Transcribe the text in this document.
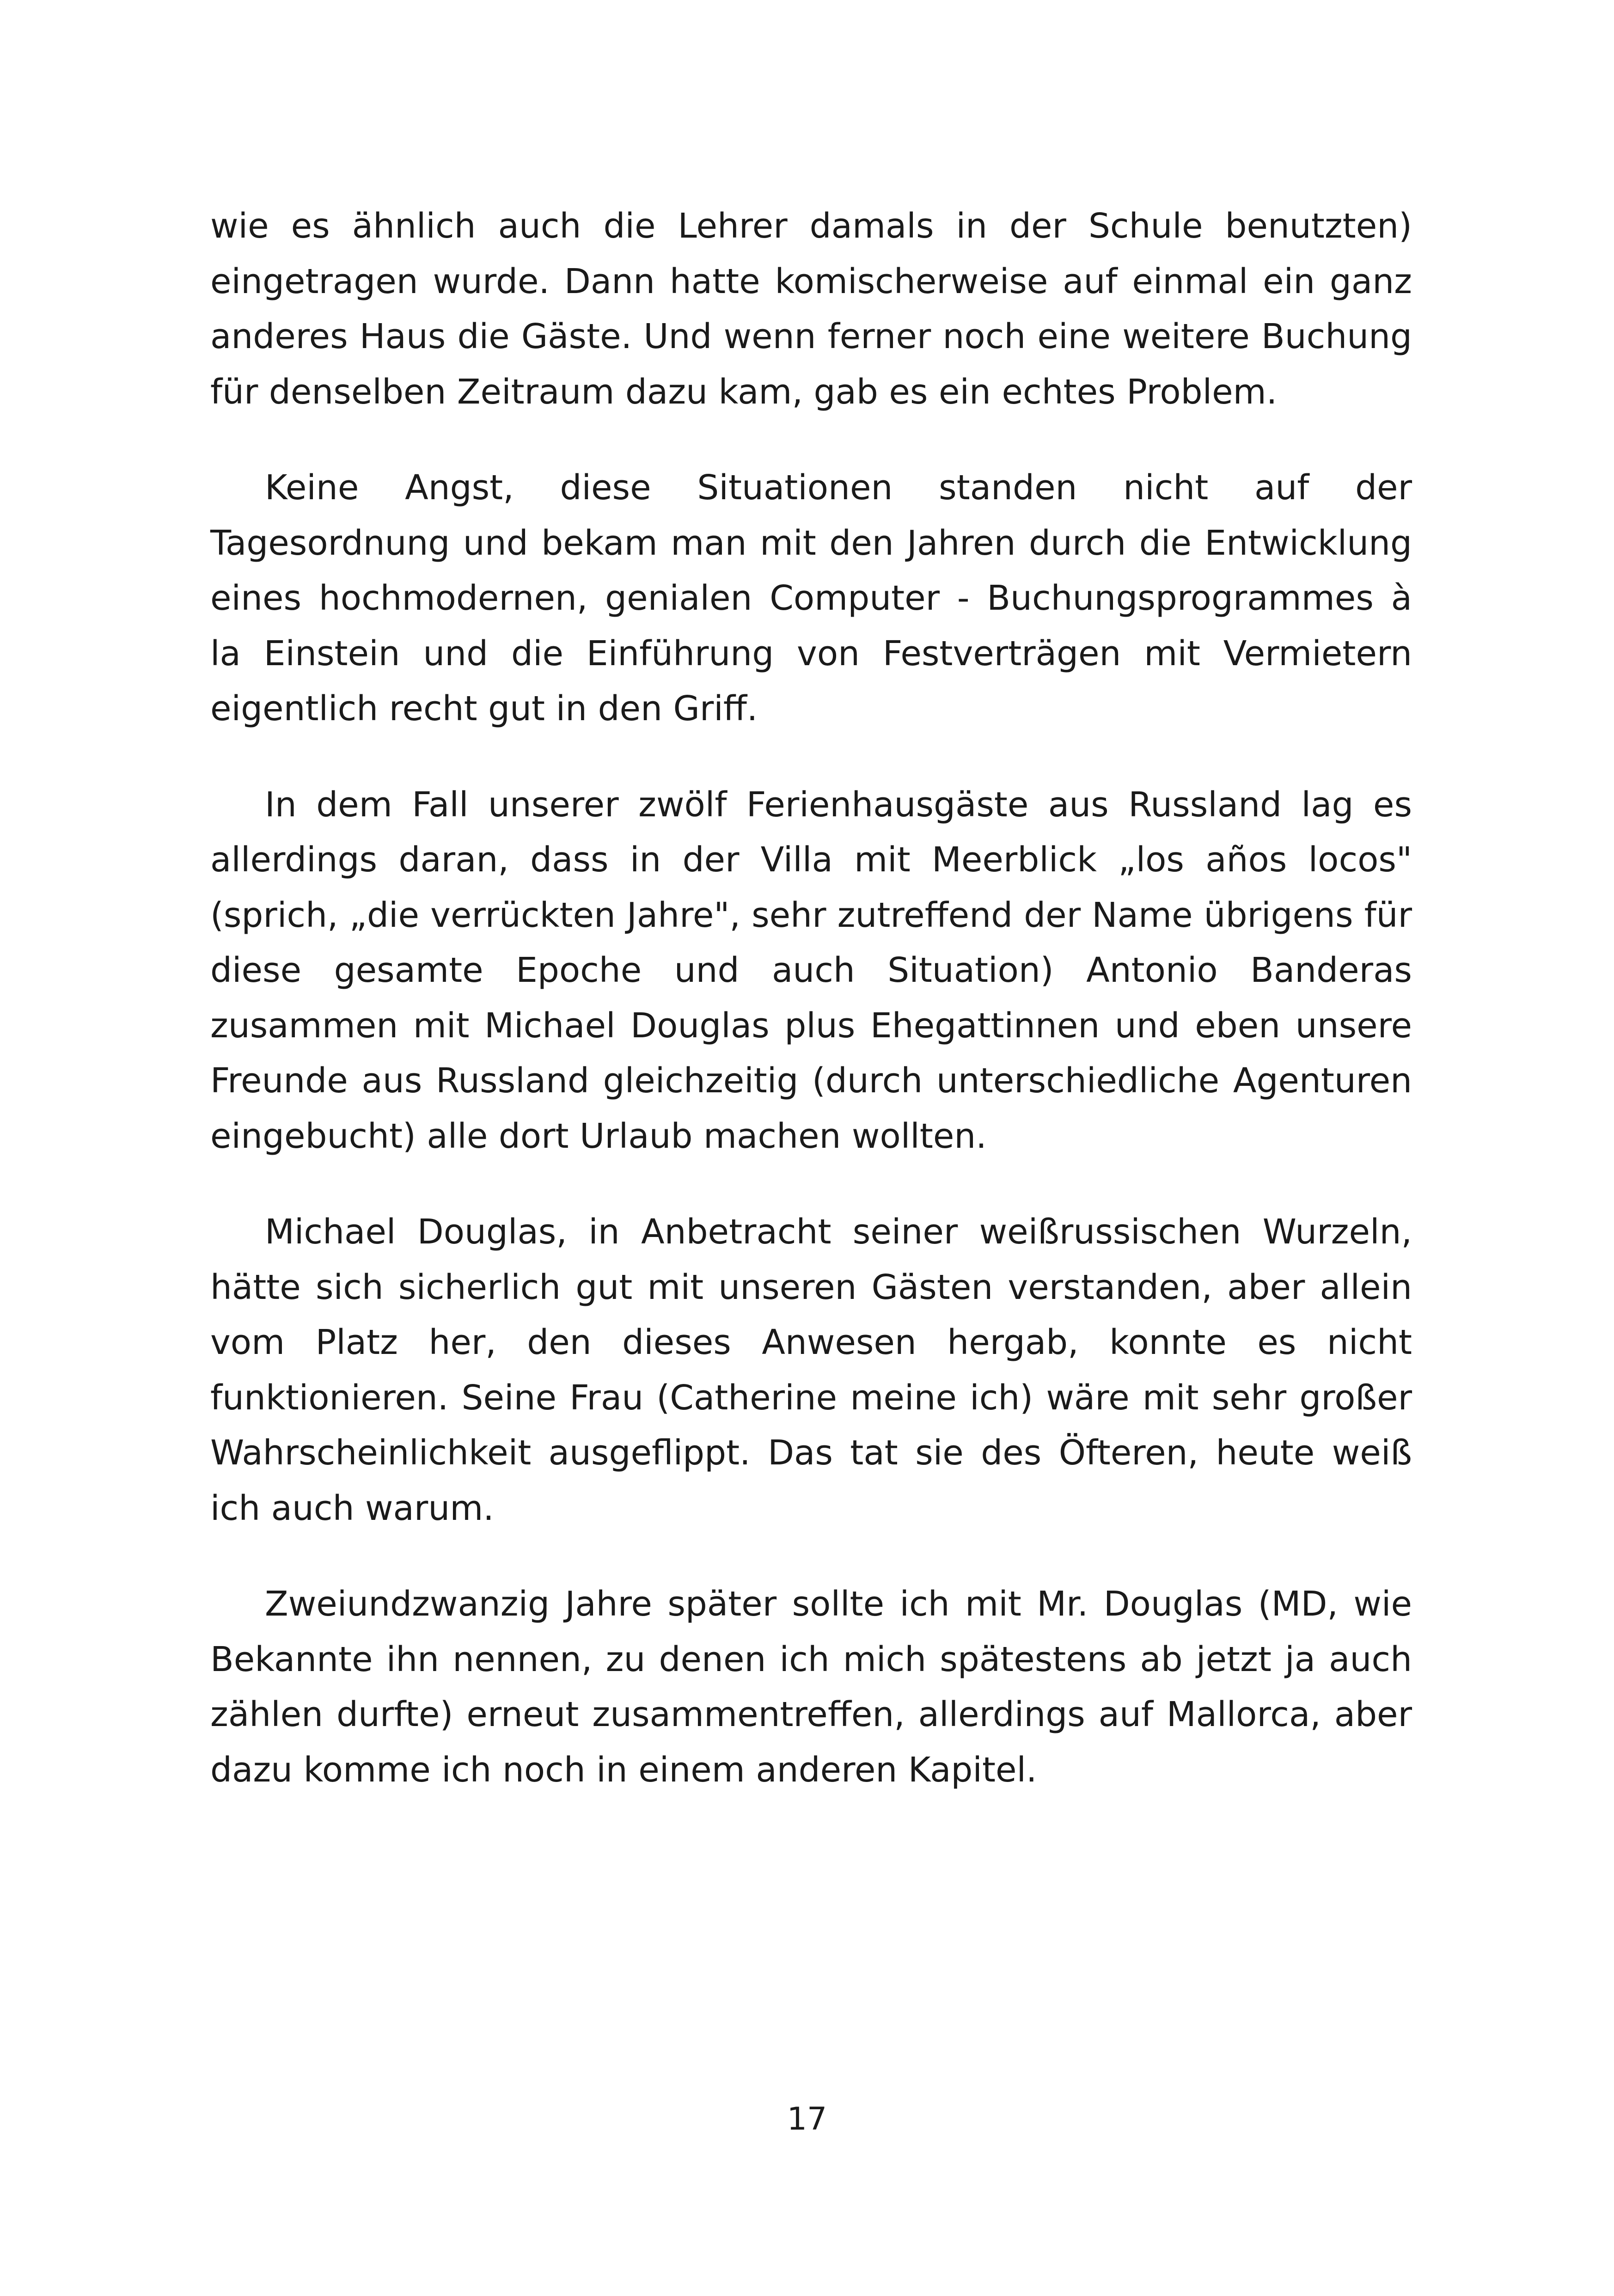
wie es ähnlich auch die Lehrer damals in der Schule benutzten) eingetragen wurde. Dann hatte komischerweise auf einmal ein ganz anderes Haus die Gäste. Und wenn ferner noch eine weitere Buchung für denselben Zeitraum dazu kam, gab es ein echtes Problem.

Keine Angst, diese Situationen standen nicht auf der Tagesordnung und bekam man mit den Jahren durch die Entwicklung eines hochmodernen, genialen Computer - Buchungsprogrammes à la Einstein und die Einführung von Festverträgen mit Vermietern eigentlich recht gut in den Griff.

In dem Fall unserer zwölf Ferienhausgäste aus Russland lag es allerdings daran, dass in der Villa mit Meerblick „los años locos" (sprich, „die verrückten Jahre", sehr zutreffend der Name übrigens für diese gesamte Epoche und auch Situation) Antonio Banderas zusammen mit Michael Douglas plus Ehegattinnen und eben unsere Freunde aus Russland gleichzeitig (durch unterschiedliche Agenturen eingebucht) alle dort Urlaub machen wollten.

Michael Douglas, in Anbetracht seiner weißrussischen Wurzeln, hätte sich sicherlich gut mit unseren Gästen verstanden, aber allein vom Platz her, den dieses Anwesen hergab, konnte es nicht funktionieren. Seine Frau (Catherine meine ich) wäre mit sehr großer Wahrscheinlichkeit ausgeflippt. Das tat sie des Öfteren, heute weiß ich auch warum.

Zweiundzwanzig Jahre später sollte ich mit Mr. Douglas (MD, wie Bekannte ihn nennen, zu denen ich mich spätestens ab jetzt ja auch zählen durfte) erneut zusammentreffen, allerdings auf Mallorca, aber dazu komme ich noch in einem anderen Kapitel.

17
